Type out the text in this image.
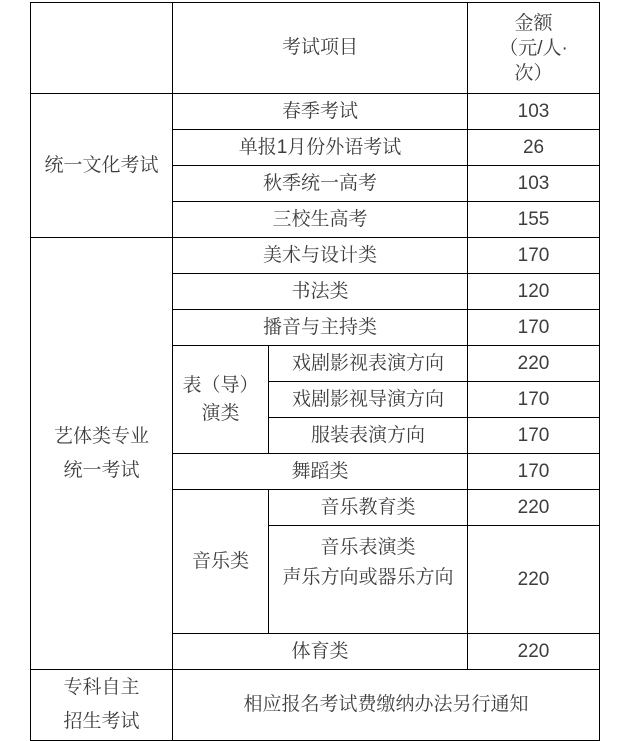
	考试项目		金额
（元/人·
次）

统一文化考试	春季考试		103
	单报1月份外语考试		26
	秋季统一高考		103
	三校生高考		155

艺体类专业
统一考试	美术与设计类		170
	书法类		120
	播音与主持类		170

	表（导）
演类	戏剧影视表演方向	220
		戏剧影视导演方向	170
		服装表演方向	170
	舞蹈类		170
	音乐类	音乐教育类	220

		音乐表演类
声乐方向或器乐方向	220
	体育类		220

专科自主
招生考试	相应报名考试费缴纳办法另行通知		
